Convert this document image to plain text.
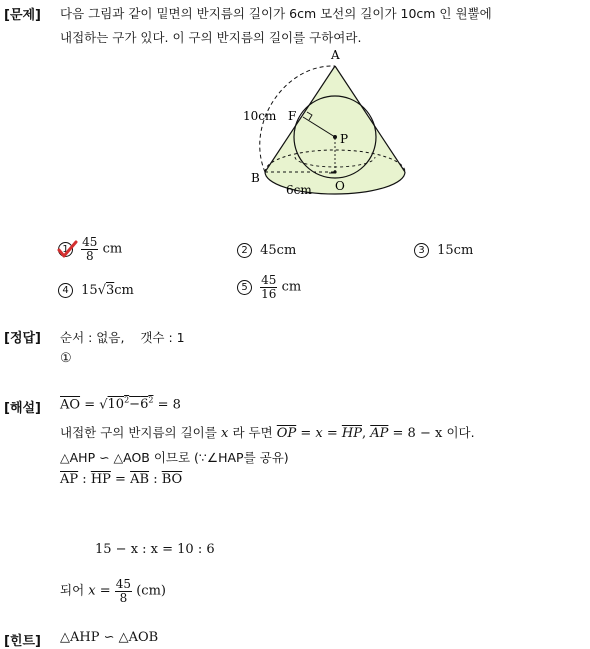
[문제] 다음 그림과 같이 밑면의 반지름의 길이가 6cm 모선의 길이가 10cm 인 원뿔에
내접하는 구가 있다. 이 구의 반지름의 길이를 구하여라.
A
B
F
P
O
10cm
6cm
$1 \frac{45}{8}$ cm	2 45cm	3 15cm
4 15√3cm	$5 \frac{45}{16}$ cm
[정답] 순서 : 없음,    갯수 : 1
①
[해설] $\overline{AO} = √10^2-6^2 = 8$
내접한 구의 반지름의 길이를 x 라 두면 $\overline{OP} = x = \overline{HP}$, $\overline{AP} = 8 - x$ 이다.
△AHP ∽ △AOB 이므로 (∵∠HAP를 공유)
$\overline{AP}$ : $\overline{HP} = \overline{AB}$ : $\overline{BO}$
15 − x : x = 10 : 6
되어 $x = \frac{45}{8} (cm)$
[힌트] △AHP ∽ △AOB
